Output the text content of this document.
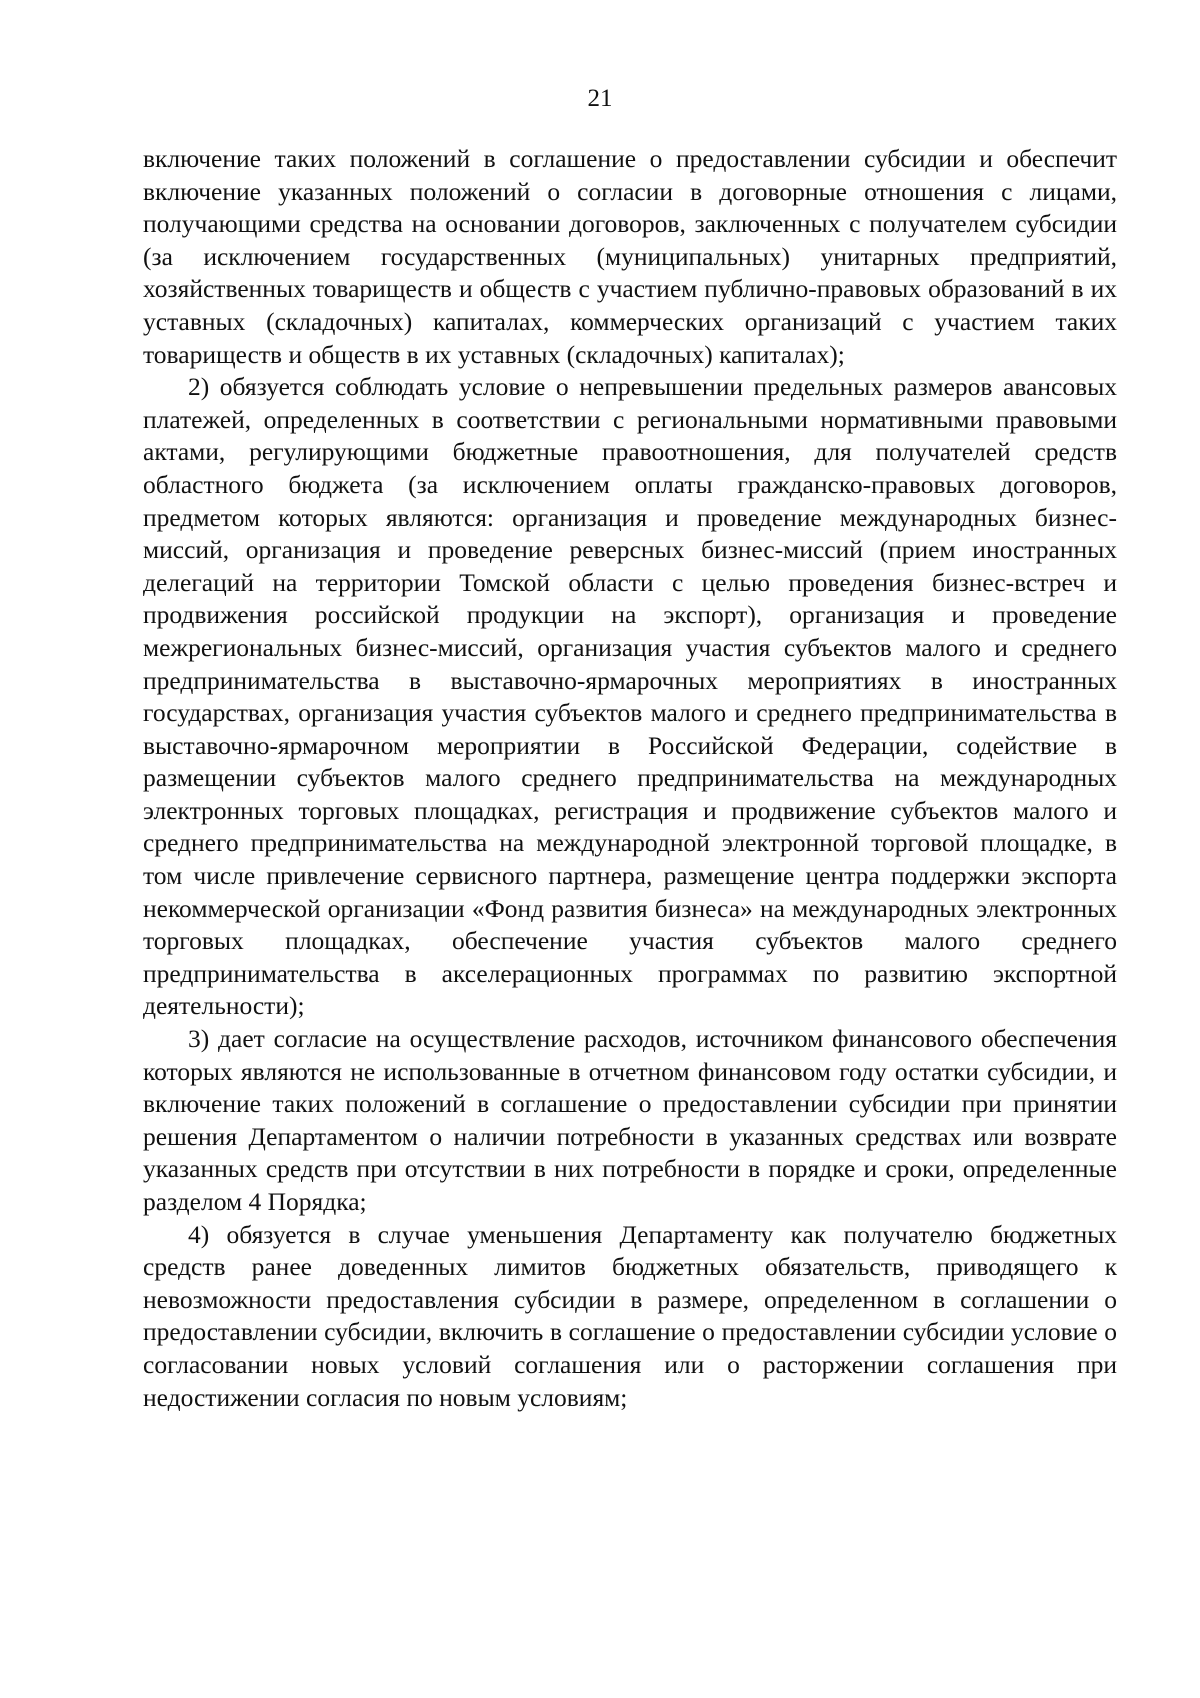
21

включение таких положений в соглашение о предоставлении субсидии и обеспечит включение указанных положений о согласии в договорные отношения с лицами, получающими средства на основании договоров, заключенных с получателем субсидии (за исключением государственных (муниципальных) унитарных предприятий, хозяйственных товариществ и обществ с участием публично-правовых образований в их уставных (складочных) капиталах, коммерческих организаций с участием таких товариществ и обществ в их уставных (складочных) капиталах);

2) обязуется соблюдать условие о непревышении предельных размеров авансовых платежей, определенных в соответствии с региональными нормативными правовыми актами, регулирующими бюджетные правоотношения, для получателей средств областного бюджета (за исключением оплаты гражданско-правовых договоров, предметом которых являются: организация и проведение международных бизнес-миссий, организация и проведение реверсных бизнес-миссий (прием иностранных делегаций на территории Томской области с целью проведения бизнес-встреч и продвижения российской продукции на экспорт), организация и проведение межрегиональных бизнес-миссий, организация участия субъектов малого и среднего предпринимательства в выставочно-ярмарочных мероприятиях в иностранных государствах, организация участия субъектов малого и среднего предпринимательства в выставочно-ярмарочном мероприятии в Российской Федерации, содействие в размещении субъектов малого среднего предпринимательства на международных электронных торговых площадках, регистрация и продвижение субъектов малого и среднего предпринимательства на международной электронной торговой площадке, в том числе привлечение сервисного партнера, размещение центра поддержки экспорта некоммерческой организации «Фонд развития бизнеса» на международных электронных торговых площадках, обеспечение участия субъектов малого среднего предпринимательства в акселерационных программах по развитию экспортной деятельности);

3) дает согласие на осуществление расходов, источником финансового обеспечения которых являются не использованные в отчетном финансовом году остатки субсидии, и включение таких положений в соглашение о предоставлении субсидии при принятии решения Департаментом о наличии потребности в указанных средствах или возврате указанных средств при отсутствии в них потребности в порядке и сроки, определенные разделом 4 Порядка;

4) обязуется в случае уменьшения Департаменту как получателю бюджетных средств ранее доведенных лимитов бюджетных обязательств, приводящего к невозможности предоставления субсидии в размере, определенном в соглашении о предоставлении субсидии, включить в соглашение о предоставлении субсидии условие о согласовании новых условий соглашения или о расторжении соглашения при недостижении согласия по новым условиям;
